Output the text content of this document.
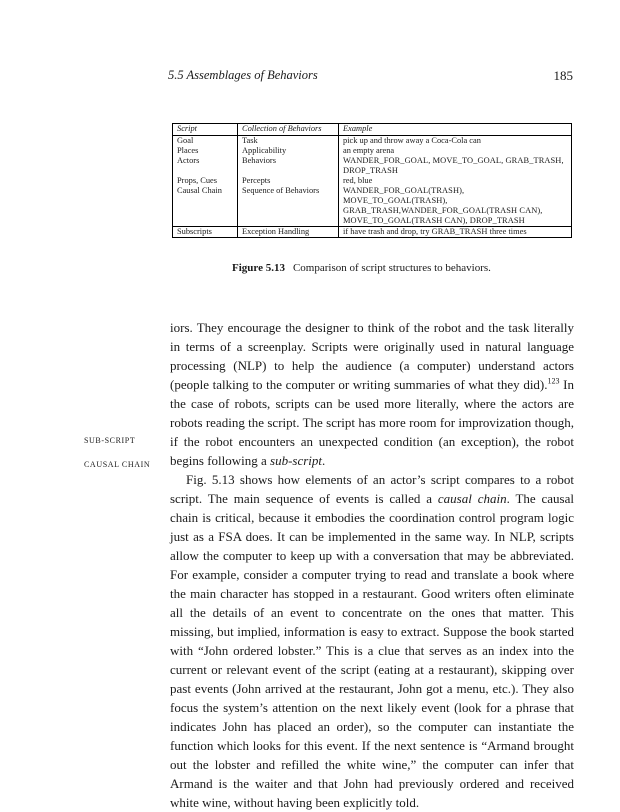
5.5 Assemblages of Behaviors	185
Script	Collection of Behaviors	Example
Goal	Task	pick up and throw away a Coca-Cola can
Places	Applicability	an empty arena
Actors	Behaviors	WANDER_FOR_GOAL, MOVE_TO_GOAL, GRAB_TRASH, DROP_TRASH
Props, Cues	Percepts	red, blue
Causal Chain	Sequence of Behaviors	WANDER_FOR_GOAL(TRASH), MOVE_TO_GOAL(TRASH), GRAB_TRASH,WANDER_FOR_GOAL(TRASH CAN), MOVE_TO_GOAL(TRASH CAN), DROP_TRASH
Subscripts	Exception Handling	if have trash and drop, try GRAB_TRASH three times
Figure 5.13 Comparison of script structures to behaviors.
SUB-SCRIPT
CAUSAL CHAIN

iors. They encourage the designer to think of the robot and the task literally in terms of a screenplay. Scripts were originally used in natural language processing (NLP) to help the audience (a computer) understand actors (people talking to the computer or writing summaries of what they did).$^{123}$ In the case of robots, scripts can be used more literally, where the actors are robots reading the script. The script has more room for improvization though, if the robot encounters an unexpected condition (an exception), the robot begins following a sub-script.

Fig. 5.13 shows how elements of an actor’s script compares to a robot script. The main sequence of events is called a causal chain. The causal chain is critical, because it embodies the coordination control program logic just as a FSA does. It can be implemented in the same way. In NLP, scripts allow the computer to keep up with a conversation that may be abbreviated. For example, consider a computer trying to read and translate a book where the main character has stopped in a restaurant. Good writers often eliminate all the details of an event to concentrate on the ones that matter. This missing, but implied, information is easy to extract. Suppose the book started with “John ordered lobster.” This is a clue that serves as an index into the current or relevant event of the script (eating at a restaurant), skipping over past events (John arrived at the restaurant, John got a menu, etc.). They also focus the system’s attention on the next likely event (look for a phrase that indicates John has placed an order), so the computer can instantiate the function which looks for this event. If the next sentence is “Armand brought out the lobster and refilled the white wine,” the computer can infer that Armand is the waiter and that John had previously ordered and received white wine, without having been explicitly told.
